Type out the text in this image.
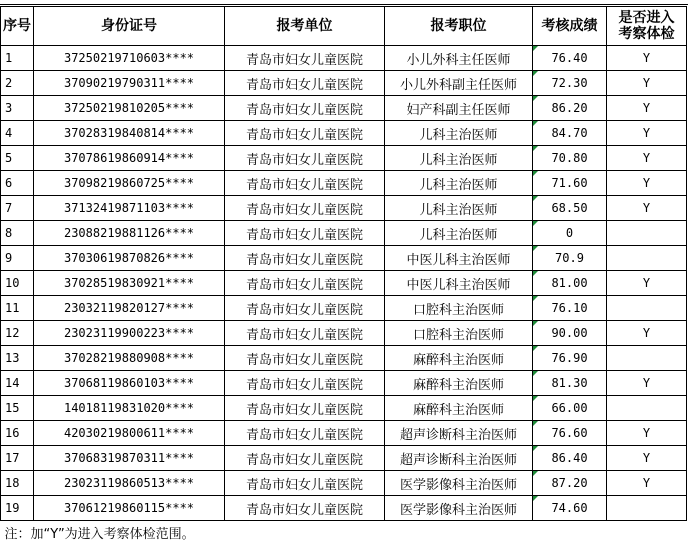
序号	身份证号	报考单位	报考职位	考核成绩	是否进入考察体检
1	37250219710603****	青岛市妇女儿童医院	小儿外科主任医师	76.40	Y
2	37090219790311****	青岛市妇女儿童医院	小儿外科副主任医师	72.30	Y
3	37250219810205****	青岛市妇女儿童医院	妇产科副主任医师	86.20	Y
4	37028319840814****	青岛市妇女儿童医院	儿科主治医师	84.70	Y
5	37078619860914****	青岛市妇女儿童医院	儿科主治医师	70.80	Y
6	37098219860725****	青岛市妇女儿童医院	儿科主治医师	71.60	Y
7	37132419871103****	青岛市妇女儿童医院	儿科主治医师	68.50	Y
8	23088219881126****	青岛市妇女儿童医院	儿科主治医师	0	
9	37030619870826****	青岛市妇女儿童医院	中医儿科主治医师	70.9	
10	37028519830921****	青岛市妇女儿童医院	中医儿科主治医师	81.00	Y
11	23032119820127****	青岛市妇女儿童医院	口腔科主治医师	76.10	
12	23023119900223****	青岛市妇女儿童医院	口腔科主治医师	90.00	Y
13	37028219880908****	青岛市妇女儿童医院	麻醉科主治医师	76.90	
14	37068119860103****	青岛市妇女儿童医院	麻醉科主治医师	81.30	Y
15	14018119831020****	青岛市妇女儿童医院	麻醉科主治医师	66.00	
16	42030219800611****	青岛市妇女儿童医院	超声诊断科主治医师	76.60	Y
17	37068319870311****	青岛市妇女儿童医院	超声诊断科主治医师	86.40	Y
18	23023119860513****	青岛市妇女儿童医院	医学影像科主治医师	87.20	Y
19	37061219860115****	青岛市妇女儿童医院	医学影像科主治医师	74.60	
注：加“Y”为进入考察体检范围。					
